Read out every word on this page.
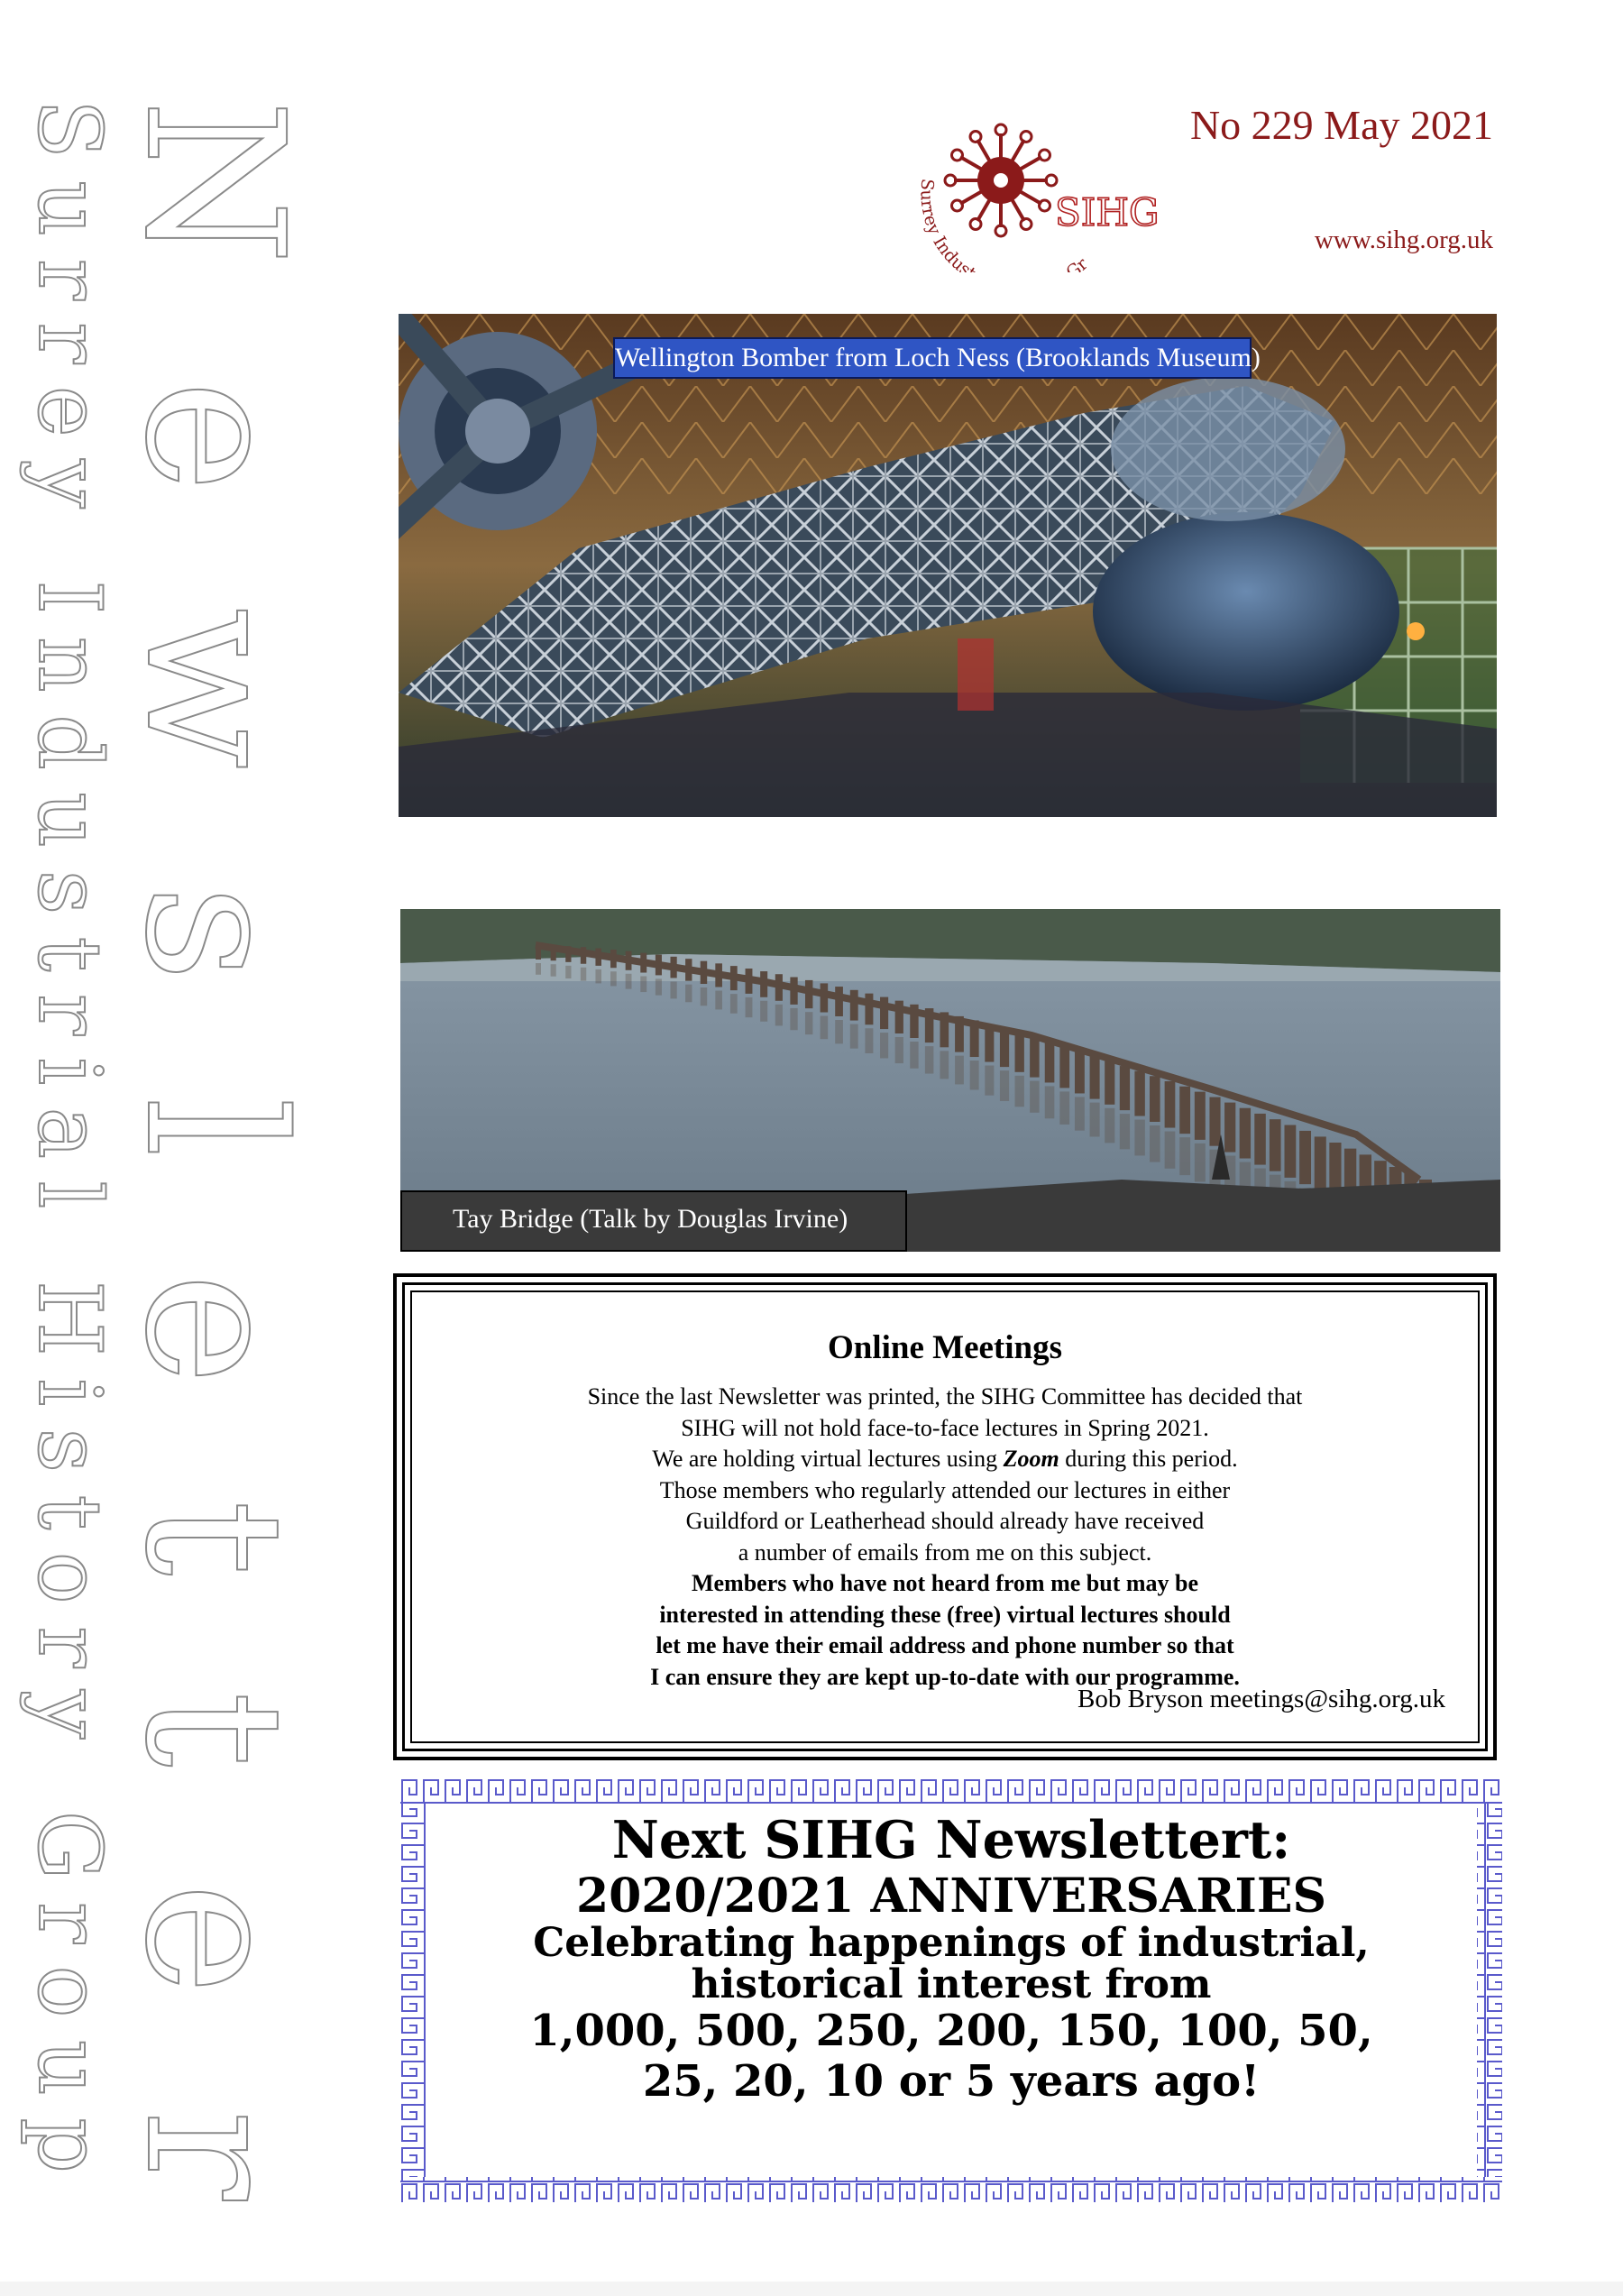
Surrey Industrial History Group
Newsletter
Surrey Indus Gr
SIHG
No 229 May 2021
www.sihg.org.uk
Wellington Bomber from Loch Ness (Brooklands Museum)
Tay Bridge (Talk by Douglas Irvine)
Online Meetings
Since the last Newsletter was printed, the SIHG Committee has decided that
SIHG will not hold face-to-face lectures in Spring 2021.
We are holding virtual lectures using Zoom during this period.
Those members who regularly attended our lectures in either
Guildford or Leatherhead should already have received
a number of emails from me on this subject.
Members who have not heard from me but may be
interested in attending these (free) virtual lectures should
let me have their email address and phone number so that
I can ensure they are kept up-to-date with our programme.
Bob Bryson meetings@sihg.org.uk
Next SIHG Newslettert:
2020/2021 ANNIVERSARIES
Celebrating happenings of industrial,
historical interest from
1,000, 500, 250, 200, 150, 100, 50,
25, 20, 10 or 5 years ago!
